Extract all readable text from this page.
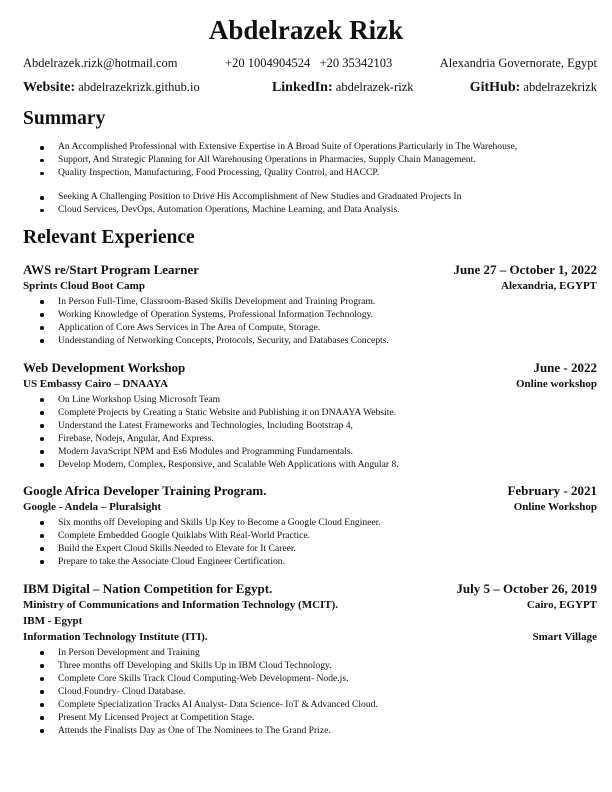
Abdelrazek Rizk
Abdelrazek.rizk@hotmail.com	+20 1004904524   +20 35342103	Alexandria Governorate, Egypt
Website: abdelrazekrizk.github.io	LinkedIn: abdelrazek-rizk	GitHub: abdelrazekrizk
Summary
An Accomplished Professional with Extensive Expertise in A Broad Suite of Operations Particularly in The Warehouse,
Support, And Strategic Planning for All Warehousing Operations in Pharmacies, Supply Chain Management.
Quality Inspection, Manufacturing, Food Processing, Quality Control, and HACCP.
Seeking A Challenging Position to Drive His Accomplishment of New Studies and Graduated Projects In
Cloud Services, DevOps, Automation Operations, Machine Learning, and Data Analysis.
Relevant Experience
AWS re/Start Program Learner	June 27 – October 1, 2022
Sprints Cloud Boot Camp	Alexandria, EGYPT
In Person Full-Time, Classroom-Based Skills Development and Training Program.
Working Knowledge of Operation Systems, Professional Information Technology.
Application of Core Aws Services in The Area of Compute, Storage.
Understanding of Networking Concepts, Protocols, Security, and Databases Concepts.
Web Development Workshop	June - 2022
US Embassy Cairo – DNAAYA	Online workshop
On Line Workshop Using Microsoft Team
Complete Projects by Creating a Static Website and Publishing it on DNAAYA Website.
Understand the Latest Frameworks and Technologies, Including Bootstrap 4,
Firebase, Nodejs, Angular, And Express.
Modern JavaScript NPM and Es6 Modules and Programming Fundamentals.
Develop Modern, Complex, Responsive, and Scalable Web Applications with Angular 8.
Google Africa Developer Training Program.	February - 2021
Google - Andela – Pluralsight	Online Workshop
Six months off Developing and Skills Up Key to Become a Google Cloud Engineer.
Complete Embedded Google Quiklabs With Real-World Practice.
Build the Expert Cloud Skills Needed to Elevate for It Career.
Prepare to take the Associate Cloud Engineer Certification.
IBM Digital – Nation Competition for Egypt.	July 5 – October 26, 2019
Ministry of Communications and Information Technology (MCIT).	Cairo, EGYPT
IBM - Egypt
Information Technology Institute (ITI).	Smart Village
In Person Development and Training
Three months off Developing and Skills Up in IBM Cloud Technology.
Complete Core Skills Track Cloud Computing-Web Development- Node.js.
Cloud Foundry- Cloud Database.
Complete Specialization Tracks AI Analyst- Data Science- IoT & Advanced Cloud.
Present My Licensed Project at Competition Stage.
Attends the Finalists Day as One of The Nominees to The Grand Prize.
